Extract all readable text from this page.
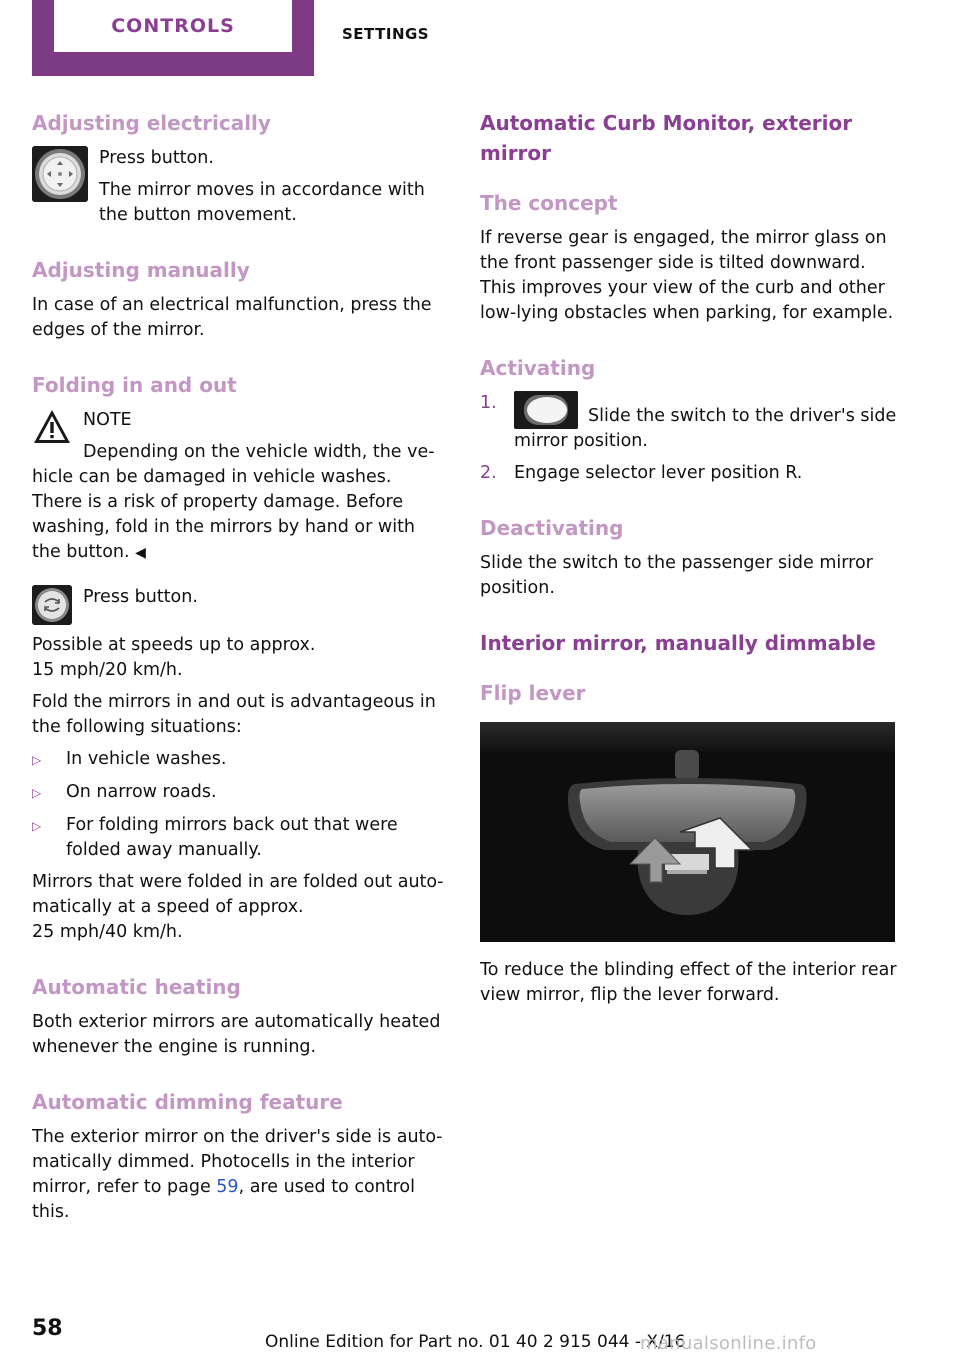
CONTROLS	SETTINGS
Adjusting electrically
Press button.
The mirror moves in accordance with the button movement.
Adjusting manually
In case of an electrical malfunction, press the edges of the mirror.
Folding in and out
NOTE
Depending on the vehicle width, the ve‐
hicle can be damaged in vehicle washes. There is a risk of property damage. Before washing, fold in the mirrors by hand or with the button. ◀
Press button.
Possible at speeds up to approx.
15 mph/20 km/h.
Fold the mirrors in and out is advantageous in the following situations:
▷	In vehicle washes.
▷	On narrow roads.
▷	For folding mirrors back out that were folded away manually.
Mirrors that were folded in are folded out auto‐matically at a speed of approx.
25 mph/40 km/h.
Automatic heating
Both exterior mirrors are automatically heated whenever the engine is running.
Automatic dimming feature
The exterior mirror on the driver's side is auto‐matically dimmed. Photocells in the interior mirror, refer to page 59, are used to control this.
Automatic Curb Monitor, exterior mirror
The concept
If reverse gear is engaged, the mirror glass on the front passenger side is tilted downward. This improves your view of the curb and other low-lying obstacles when parking, for example.
Activating
1.
Slide the switch to the driver's side mirror position.
2. Engage selector lever position R.
Deactivating
Slide the switch to the passenger side mirror position.
Interior mirror, manually dimmable
Flip lever
To reduce the blinding effect of the interior rear view mirror, flip the lever forward.
58
Online Edition for Part no. 01 40 2 915 044 - X/16
manualsonline.info
